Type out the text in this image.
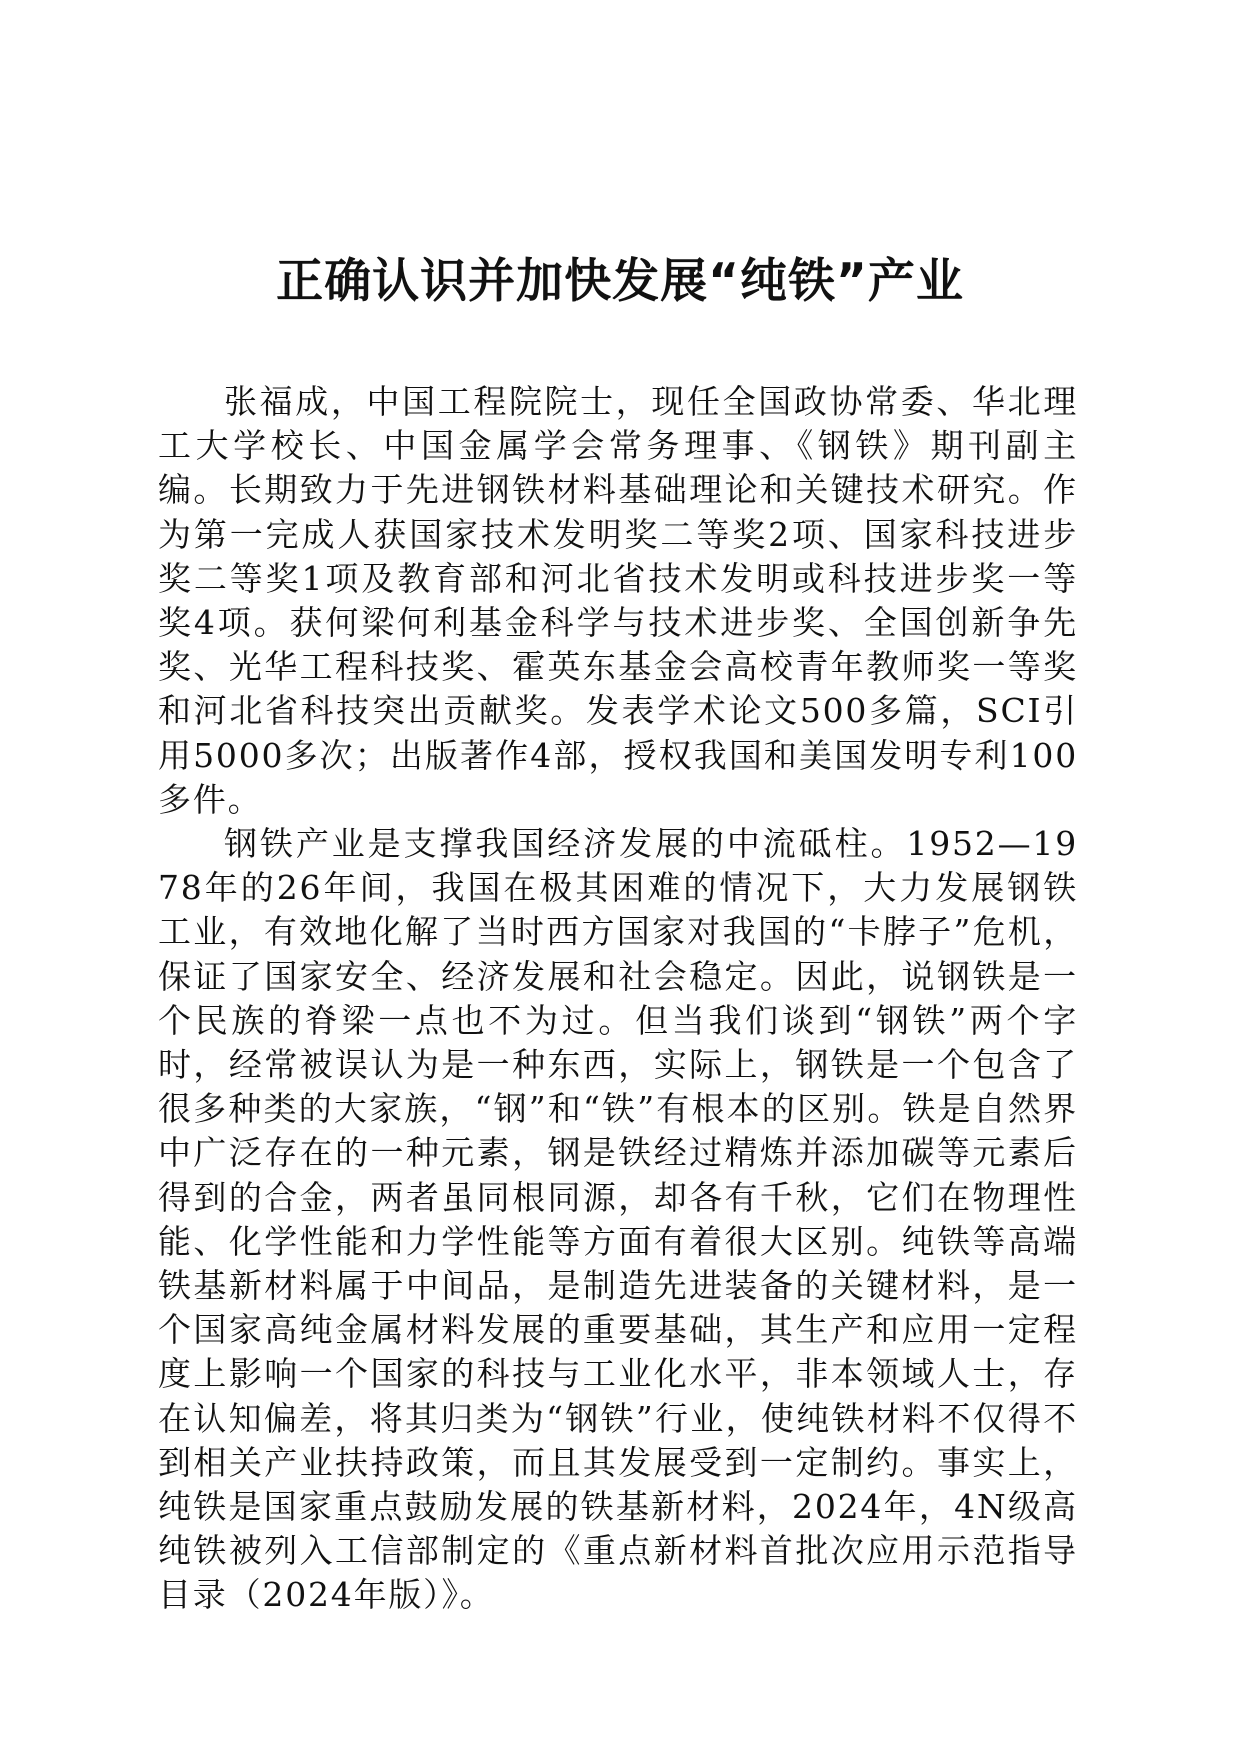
正确认识并加快发展“纯铁”产业

张福成，中国工程院院士，现任全国政协常委、华北理工大学校长、中国金属学会常务理事、《钢铁》期刊副主编。长期致力于先进钢铁材料基础理论和关键技术研究。作为第一完成人获国家技术发明奖二等奖2项、国家科技进步奖二等奖1项及教育部和河北省技术发明或科技进步奖一等奖4项。获何梁何利基金科学与技术进步奖、全国创新争先奖、光华工程科技奖、霍英东基金会高校青年教师奖一等奖和河北省科技突出贡献奖。发表学术论文500多篇，SCI引用5000多次；出版著作4部，授权我国和美国发明专利100多件。

钢铁产业是支撑我国经济发展的中流砥柱。1952—1978年的26年间，我国在极其困难的情况下，大力发展钢铁工业，有效地化解了当时西方国家对我国的“卡脖子”危机，保证了国家安全、经济发展和社会稳定。因此，说钢铁是一个民族的脊梁一点也不为过。但当我们谈到“钢铁”两个字时，经常被误认为是一种东西，实际上，钢铁是一个包含了很多种类的大家族，“钢”和“铁”有根本的区别。铁是自然界中广泛存在的一种元素，钢是铁经过精炼并添加碳等元素后得到的合金，两者虽同根同源，却各有千秋，它们在物理性能、化学性能和力学性能等方面有着很大区别。纯铁等高端铁基新材料属于中间品，是制造先进装备的关键材料，是一个国家高纯金属材料发展的重要基础，其生产和应用一定程度上影响一个国家的科技与工业化水平，非本领域人士，存在认知偏差，将其归类为“钢铁”行业，使纯铁材料不仅得不到相关产业扶持政策，而且其发展受到一定制约。事实上，纯铁是国家重点鼓励发展的铁基新材料，2024年，4N级高纯铁被列入工信部制定的《重点新材料首批次应用示范指导目录（2024年版）》。
